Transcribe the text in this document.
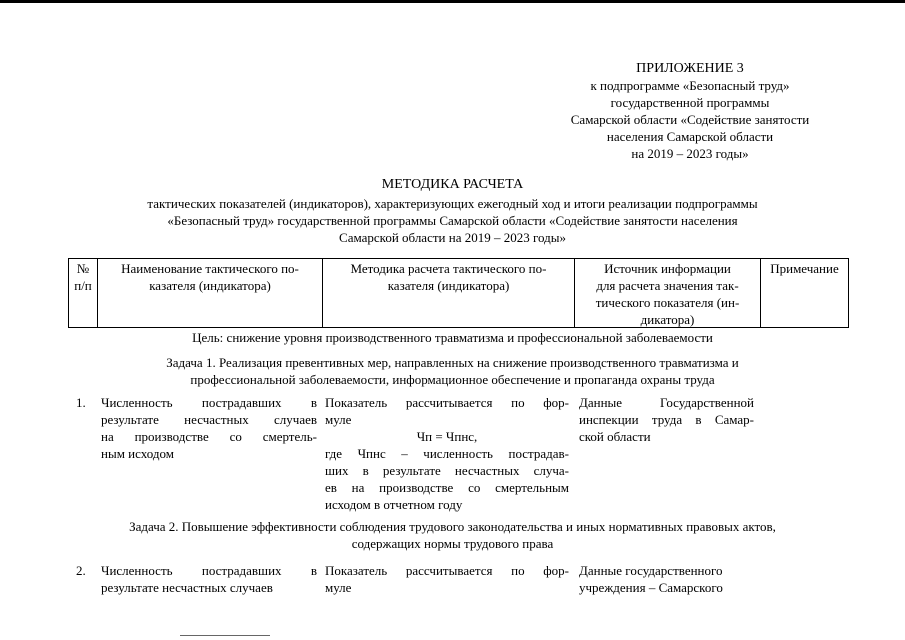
ПРИЛОЖЕНИЕ 3
к подпрограмме «Безопасный труд»
государственной программы
Самарской области «Содействие занятости
населения Самарской области
на 2019 – 2023 годы»
МЕТОДИКА РАСЧЕТА
тактических показателей (индикаторов), характеризующих ежегодный ход и итоги реализации подпрограммы
«Безопасный труд» государственной программы Самарской области «Содействие занятости населения
Самарской области на 2019 – 2023 годы»
№
п/п
Наименование тактического по-
казателя (индикатора)
Методика расчета тактического по-
казателя (индикатора)
Источник информации
для расчета значения так-
тического показателя (ин-
дикатора)
Примечание
Цель: снижение уровня производственного травматизма и профессиональной заболеваемости
Задача 1. Реализация превентивных мер, направленных на снижение производственного травматизма и
профессиональной заболеваемости, информационное обеспечение и пропаганда охраны труда
1. Численность пострадавших в
результате несчастных случаев
на производстве со смертель-
ным исходом
Показатель рассчитывается по фор-
муле
Чп = Чпнс,
где Чпнс – численность пострадав-
ших в результате несчастных случа-
ев на производстве со смертельным
исходом в отчетном году
Данные Государственной
инспекции труда в Самар-
ской области
Задача 2. Повышение эффективности соблюдения трудового законодательства и иных нормативных правовых актов,
содержащих нормы трудового права
2. Численность пострадавших в
результате несчастных случаев
Показатель рассчитывается по фор-
муле
Данные государственного
учреждения – Самарского
